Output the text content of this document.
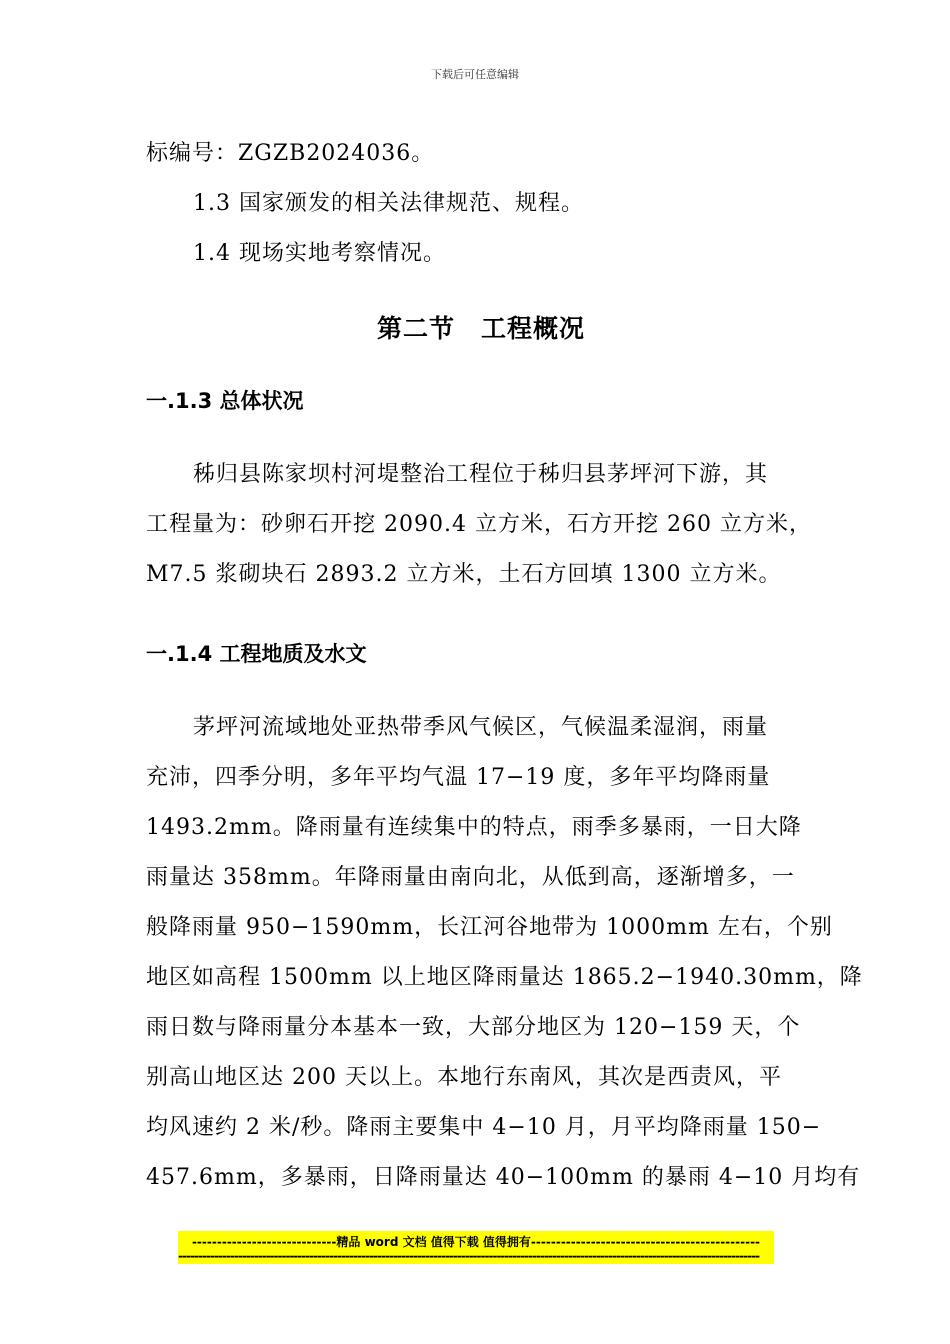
下载后可任意编辑
标编号：ZGZB2024036。
1.3 国家颁发的相关法律规范、规程。
1.4 现场实地考察情况。
第二节　工程概况
一.1.3 总体状况
秭归县陈家坝村河堤整治工程位于秭归县茅坪河下游，其
工程量为：砂卵石开挖 2090.4 立方米，石方开挖 260 立方米，
M7.5 浆砌块石 2893.2 立方米，土石方回填 1300 立方米。
一.1.4 工程地质及水文
茅坪河流域地处亚热带季风气候区，气候温柔湿润，雨量
充沛，四季分明，多年平均气温 17−19 度，多年平均降雨量
1493.2mm。降雨量有连续集中的特点，雨季多暴雨，一日大降
雨量达 358mm。年降雨量由南向北，从低到高，逐渐增多，一
般降雨量 950−1590mm，长江河谷地带为 1000mm 左右，个别
地区如高程 1500mm 以上地区降雨量达 1865.2−1940.30mm，降
雨日数与降雨量分本基本一致，大部分地区为 120−159 天，个
别高山地区达 200 天以上。本地行东南风，其次是西责风，平
均风速约 2 米/秒。降雨主要集中 4−10 月，月平均降雨量 150−
457.6mm，多暴雨，日降雨量达 40−100mm 的暴雨 4−10 月均有
-----------------------------精品 word 文档 值得下载 值得拥有----------------------------------------------
--------------------------------------------------------------------------------------------------------------------------------------------------
